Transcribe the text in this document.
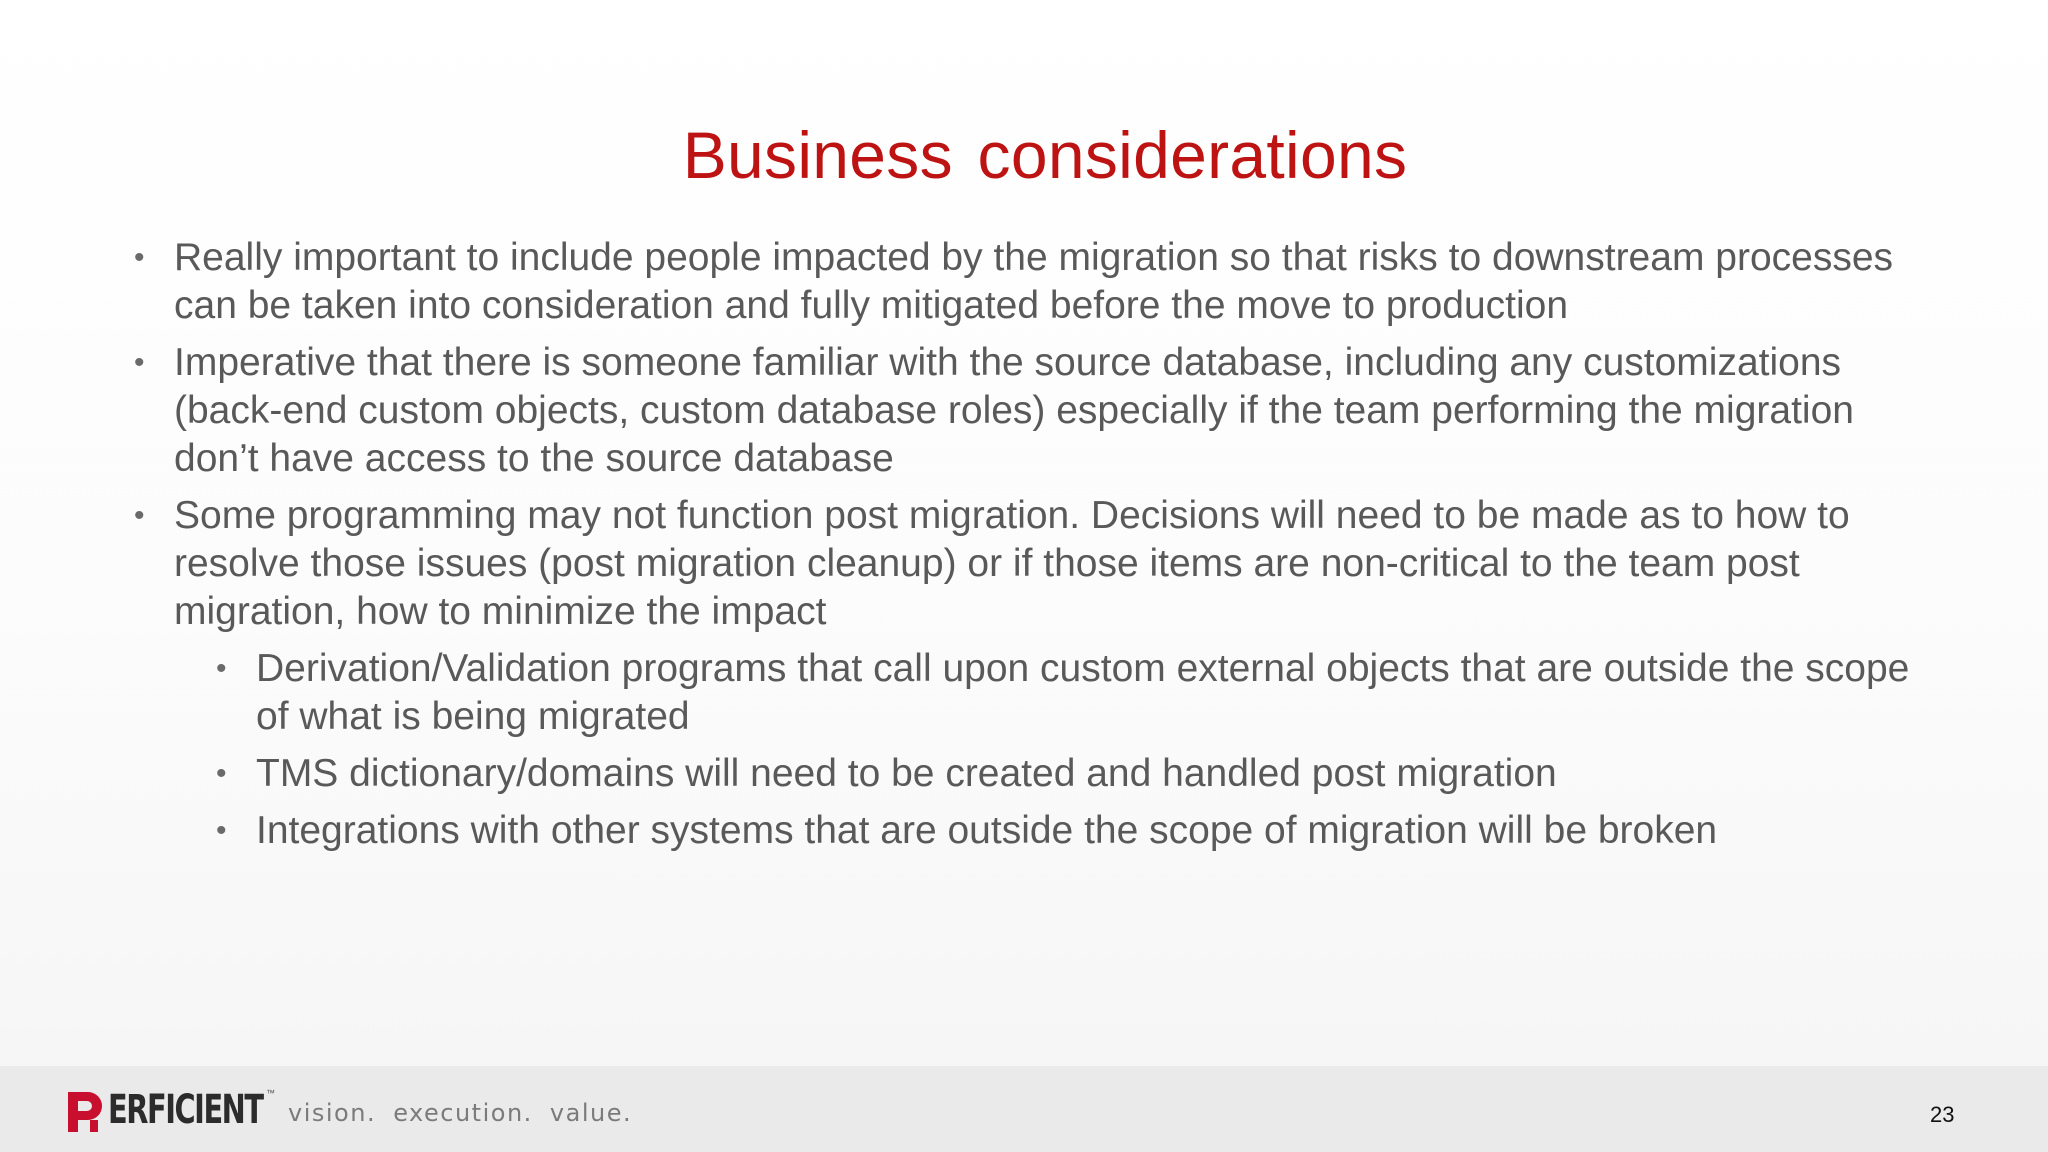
Business considerations
• Really important to include people impacted by the migration so that risks to downstream processes can be taken into consideration and fully mitigated before the move to production
• Imperative that there is someone familiar with the source database, including any customizations (back-end custom objects, custom database roles) especially if the team performing the migration don’t have access to the source database
• Some programming may not function post migration. Decisions will need to be made as to how to resolve those issues (post migration cleanup) or if those items are non-critical to the team post migration, how to minimize the impact
• Derivation/Validation programs that call upon custom external objects that are outside the scope of what is being migrated
• TMS dictionary/domains will need to be created and handled post migration
• Integrations with other systems that are outside the scope of migration will be broken
ERFICIENT ™
vision. execution. value.	23
